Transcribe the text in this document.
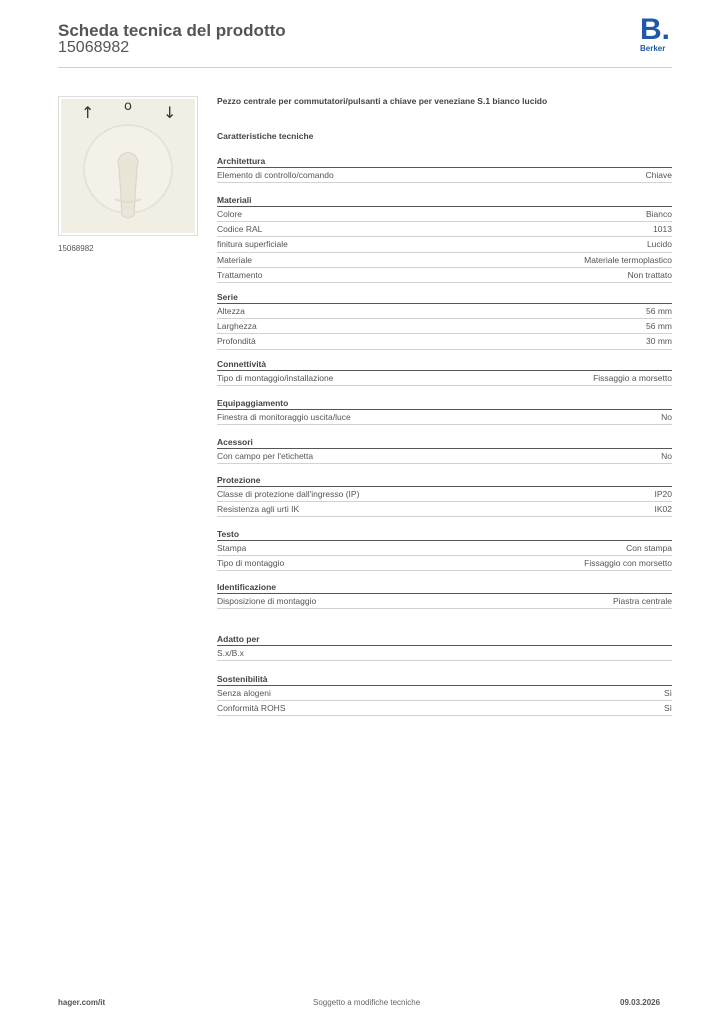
Scheda tecnica del prodotto
15068982
B.
Berker
↑ o ↓
15068982
Pezzo centrale per commutatori/pulsanti a chiave per veneziane S.1 bianco lucido
Caratteristiche tecniche
Architettura
Elemento di controllo/comando	Chiave
Materiali
Colore	Bianco
Codice RAL	1013
finitura superficiale	Lucido
Materiale	Materiale termoplastico
Trattamento	Non trattato
Serie
Altezza	56 mm
Larghezza	56 mm
Profondità	30 mm
Connettività
Tipo di montaggio/installazione	Fissaggio a morsetto
Equipaggiamento
Finestra di monitoraggio uscita/luce	No
Acessori
Con campo per l'etichetta	No
Protezione
Classe di protezione dall'ingresso (IP)	IP20
Resistenza agli urti IK	IK02
Testo
Stampa	Con stampa
Tipo di montaggio	Fissaggio con morsetto
Identificazione
Disposizione di montaggio	Piastra centrale
Adatto per
S.x/B.x
Sostenibilità
Senza alogeni	Sì
Conformità ROHS	Sì
hager.com/it	Soggetto a modifiche tecniche	09.03.2026
